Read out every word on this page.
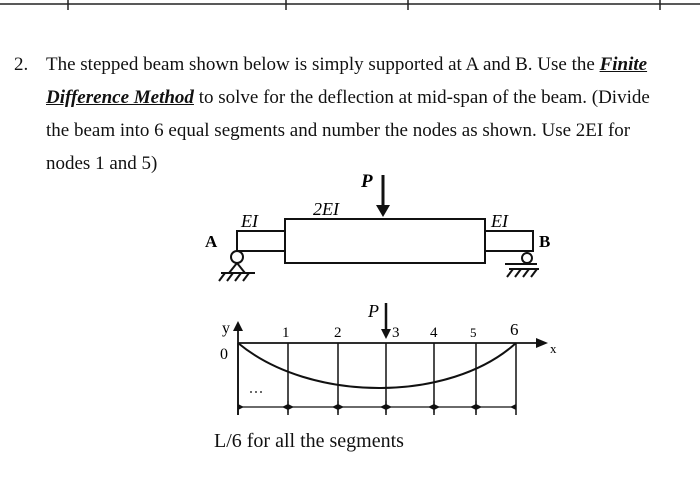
2. The stepped beam shown below is simply supported at A and B. Use the Finite
Difference Method to solve for the deflection at mid-span of the beam. (Divide
the beam into 6 equal segments and number the nodes as shown. Use 2EI for
nodes 1 and 5)
P
EI
2EI
EI
A	B
y
0	x
P
1	2	3 4	5 6
L/6 for all the segments
